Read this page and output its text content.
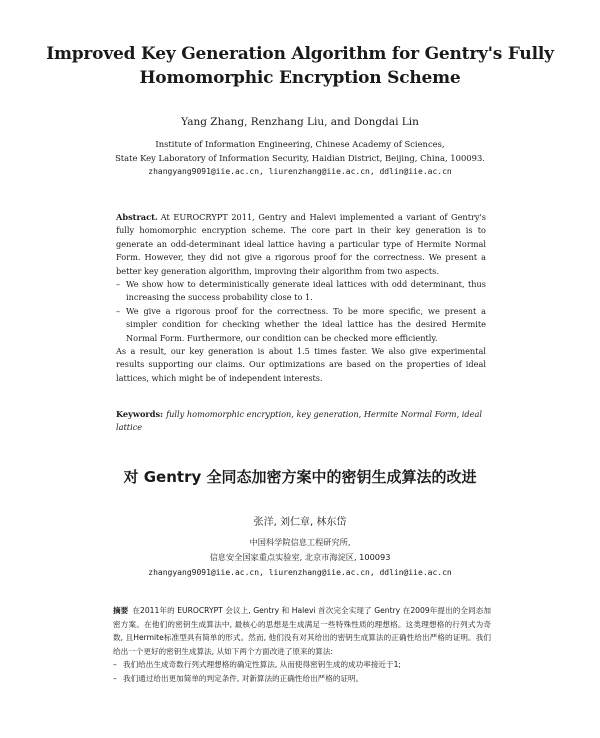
Improved Key Generation Algorithm for Gentry's Fully
Homomorphic Encryption Scheme
Yang Zhang, Renzhang Liu, and Dongdai Lin
Institute of Information Engineering, Chinese Academy of Sciences,
State Key Laboratory of Information Security, Haidian District, Beijing, China, 100093.
zhangyang9091@iie.ac.cn, liurenzhang@iie.ac.cn, ddlin@iie.ac.cn
Abstract. At EUROCRYPT 2011, Gentry and Halevi implemented a variant of Gentry's fully homomorphic encryption scheme. The core part in their key generation is to generate an odd-determinant ideal lattice having a particular type of Hermite Normal Form. However, they did not give a rigorous proof for the correctness. We present a better key generation algorithm, improving their algorithm from two aspects.
– We show how to deterministically generate ideal lattices with odd determinant, thus increasing the success probability close to 1.
– We give a rigorous proof for the correctness. To be more specific, we present a simpler condition for checking whether the ideal lattice has the desired Hermite Normal Form. Furthermore, our condition can be checked more efficiently.
As a result, our key generation is about 1.5 times faster. We also give experimental results supporting our claims. Our optimizations are based on the properties of ideal lattices, which might be of independent interests.
Keywords: fully homomorphic encryption, key generation, Hermite Normal Form, ideal lattice
对 Gentry 全同态加密方案中的密钥生成算法的改进
张洋, 刘仁章, 林东岱
中国科学院信息工程研究所,
信息安全国家重点实验室, 北京市海淀区, 100093
zhangyang9091@iie.ac.cn, liurenzhang@iie.ac.cn, ddlin@iie.ac.cn
摘要 在2011年的 EUROCRYPT 会议上, Gentry 和 Halevi 首次完全实现了 Gentry 在2009年提出的全同态加密方案。在他们的密钥生成算法中, 最核心的思想是生成满足一些特殊性质的理想格。这类理想格的行列式为奇数, 且Hermite标准型具有简单的形式。然而, 他们没有对其给出的密钥生成算法的正确性给出严格的证明。我们给出一个更好的密钥生成算法, 从如下两个方面改进了原来的算法:
– 我们给出生成奇数行列式理想格的确定性算法, 从而使得密钥生成的成功率接近于1;
– 我们通过给出更加简单的判定条件, 对新算法的正确性给出严格的证明。
